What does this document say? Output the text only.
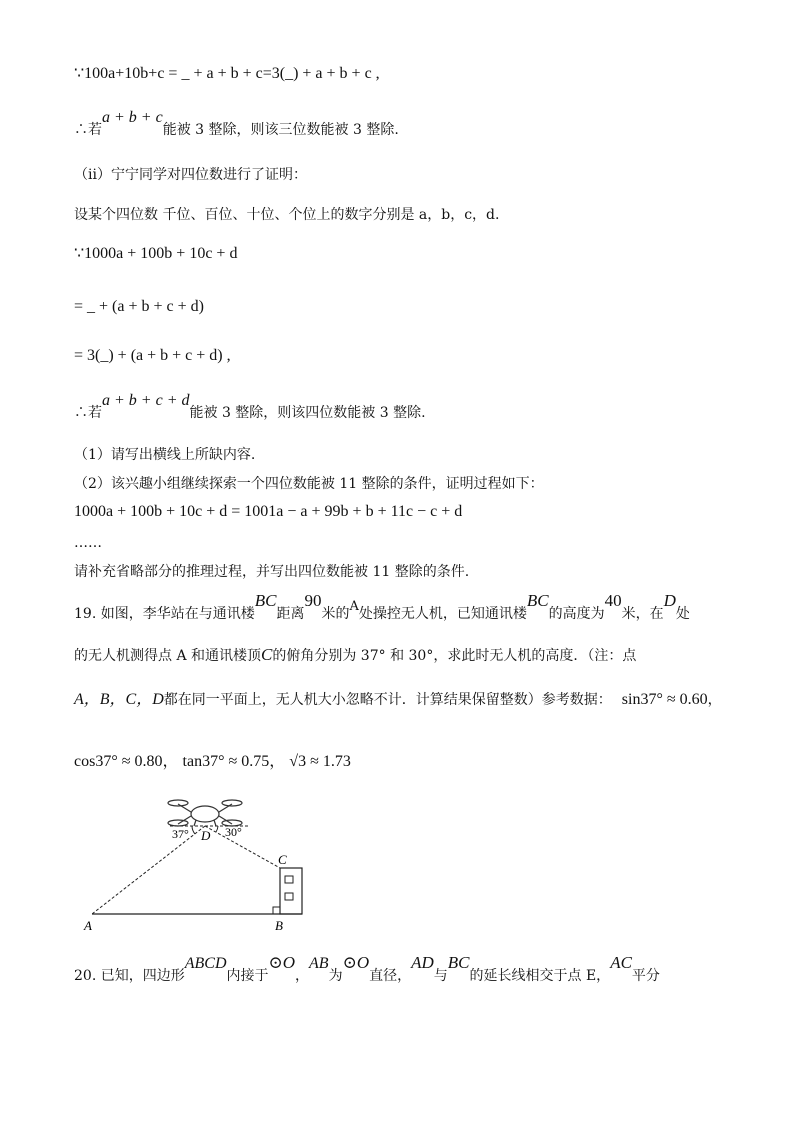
∵100a+10b+c = _ + a + b + c=3(_) + a + b + c ,
∴若a + b + c能被 3 整除，则该三位数能被 3 整除.
（ii）宁宁同学对四位数进行了证明：
设某个四位数 千位、百位、十位、个位上的数字分别是 a，b，c，d.
∵1000a + 100b + 10c + d
= _ + (a + b + c + d)
= 3(_) + (a + b + c + d) ,
∴若a + b + c + d能被 3 整除，则该四位数能被 3 整除.
（1）请写出横线上所缺内容.
（2）该兴趣小组继续探索一个四位数能被 11 整除的条件，证明过程如下：
1000a + 100b + 10c + d = 1001a − a + 99b + b + 11c − c + d
……
请补充省略部分的推理过程，并写出四位数能被 11 整除的条件.
19. 如图，李华站在与通讯楼BC距离90米的A处操控无人机，已知通讯楼BC的高度为40米，在D处
的无人机测得点 A 和通讯楼顶C的俯角分别为 37° 和 30°，求此时无人机的高度．（注：点
A，B，C，D都在同一平面上，无人机大小忽略不计．计算结果保留整数）参考数据： sin37° ≈ 0.60，
cos37° ≈ 0.80， tan37° ≈ 0.75， √3 ≈ 1.73
A	B
C
D
37°	30°
20. 已知，四边形ABCD内接于⊙O，AB为⊙O直径，AD与BC的延长线相交于点 E，AC平分
